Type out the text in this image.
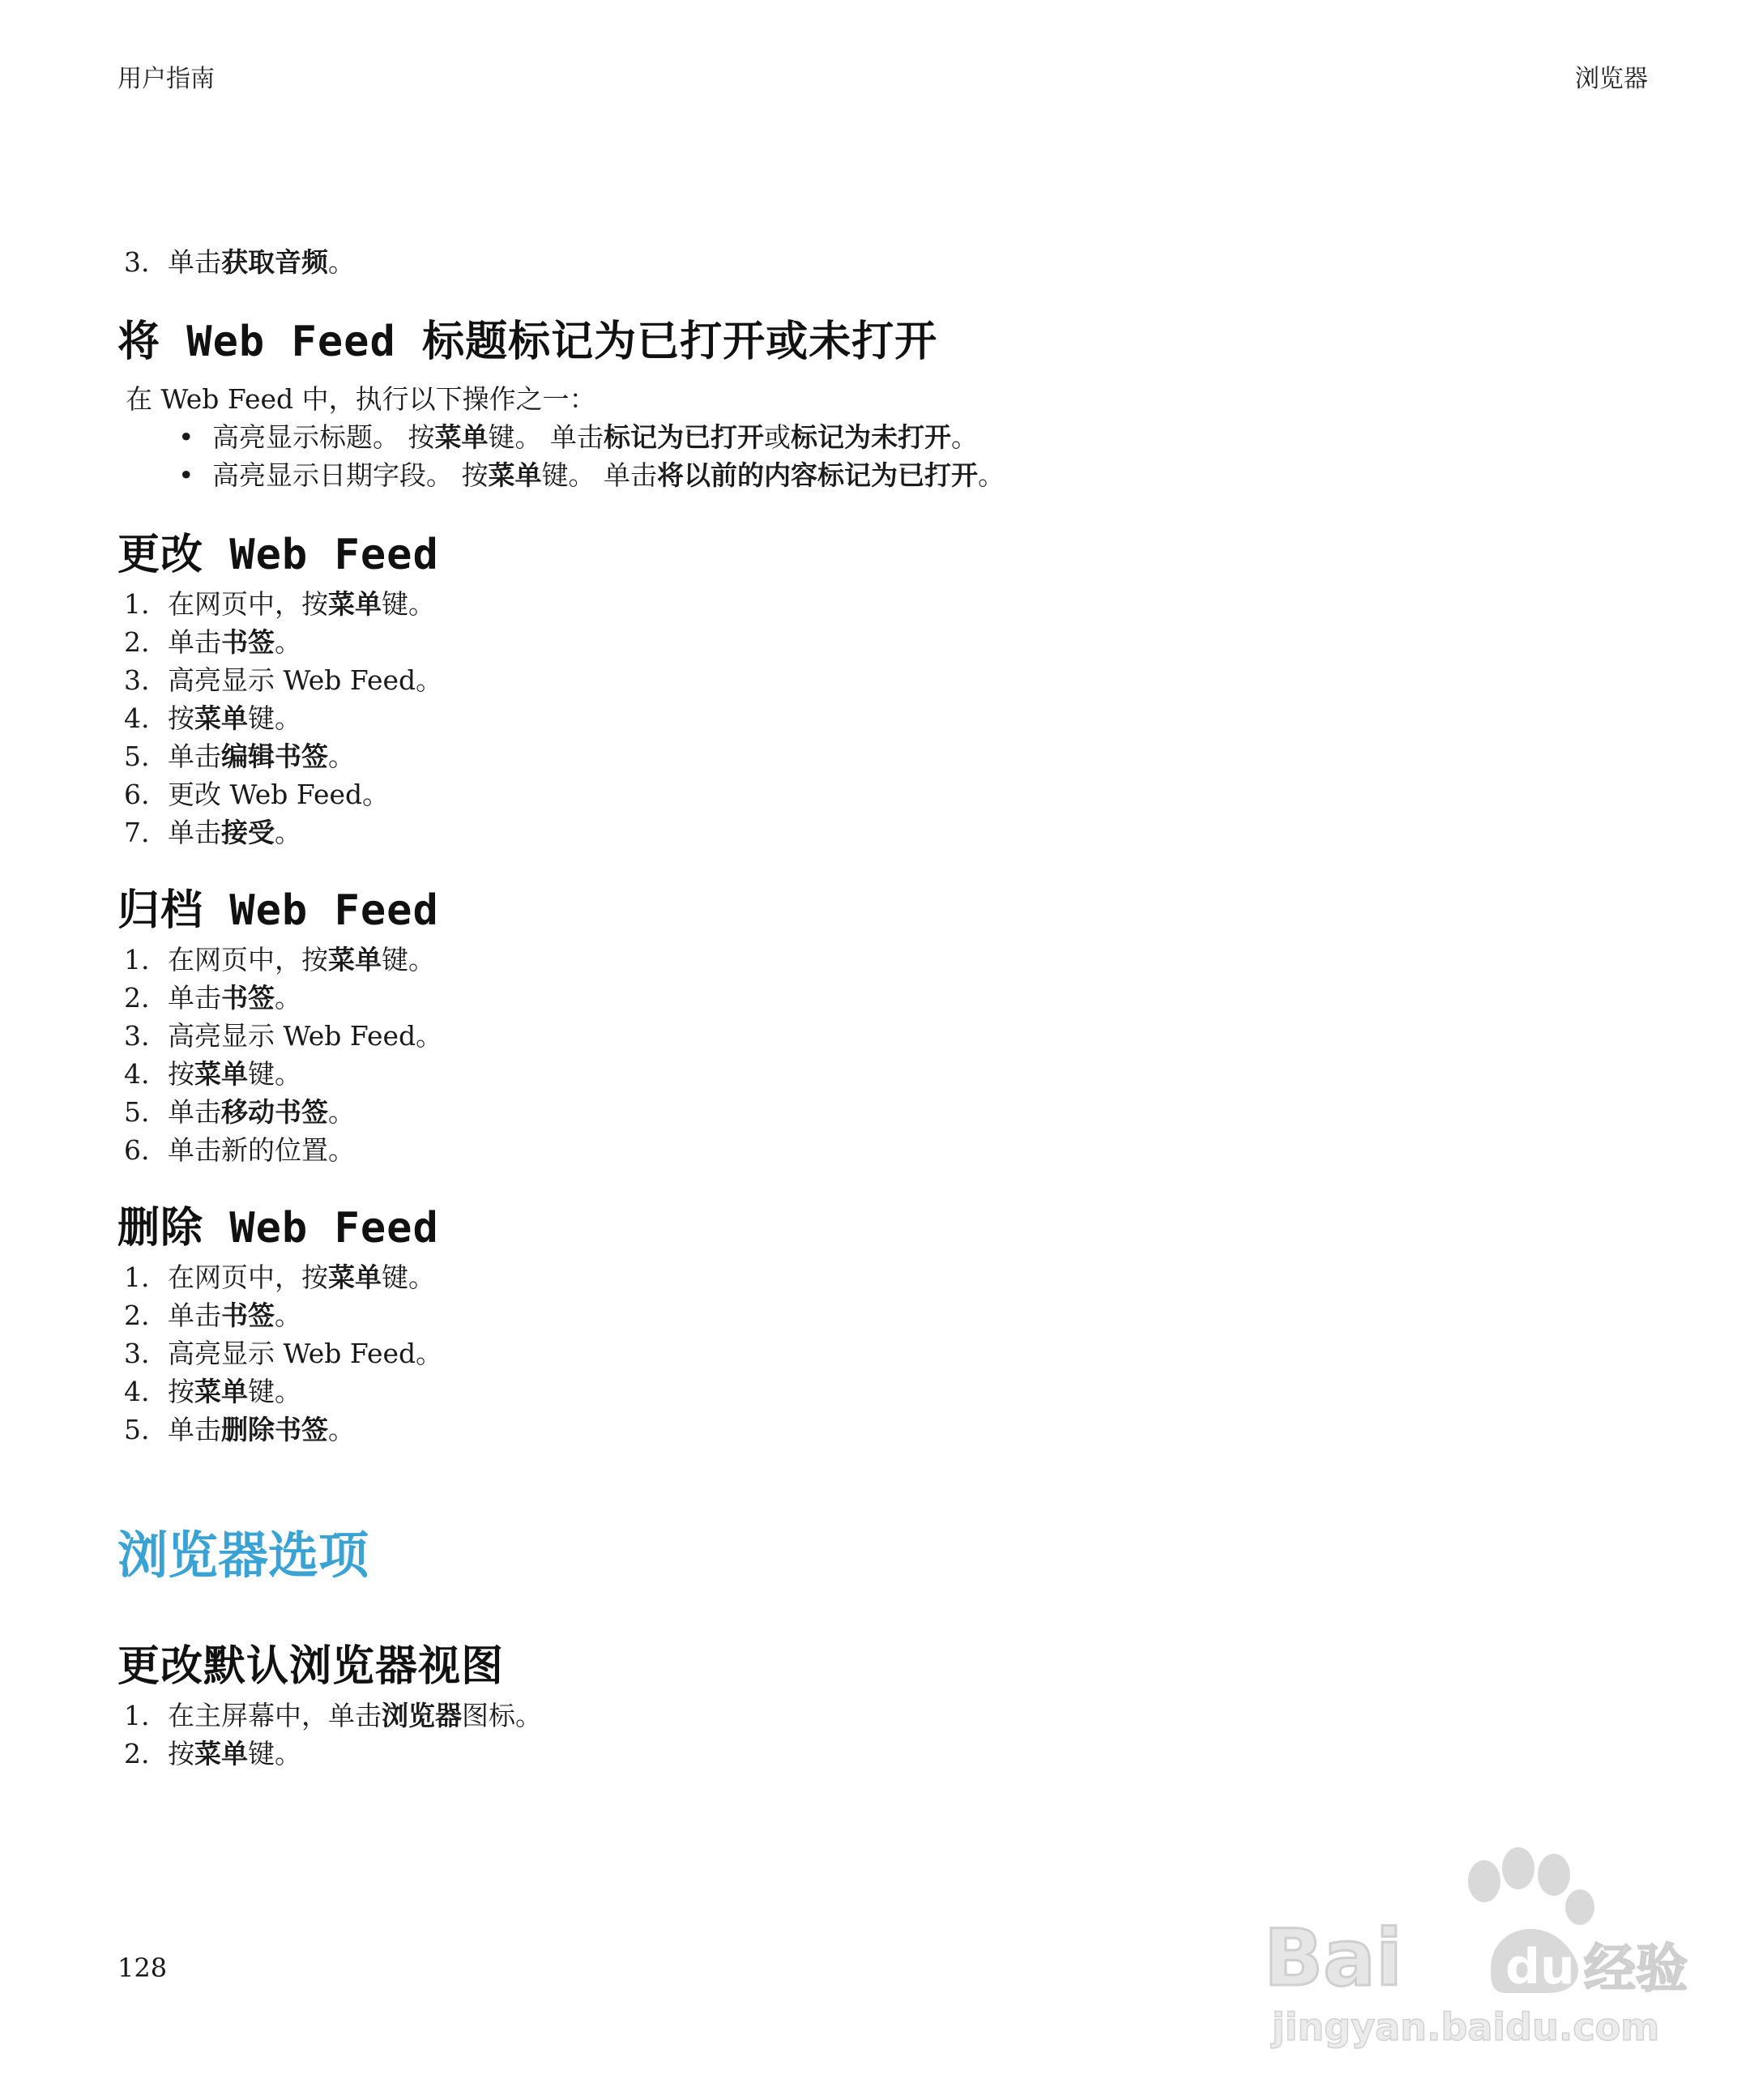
用户指南	浏览器
3. 单击获取音频。
将 Web Feed 标题标记为已打开或未打开
在 Web Feed 中，执行以下操作之一：
• 高亮显示标题。 按菜单键。 单击标记为已打开或标记为未打开。
• 高亮显示日期字段。 按菜单键。 单击将以前的内容标记为已打开。
更改 Web Feed
1. 在网页中，按菜单键。
2. 单击书签。
3. 高亮显示 Web Feed。
4. 按菜单键。
5. 单击编辑书签。
6. 更改 Web Feed。
7. 单击接受。
归档 Web Feed
1. 在网页中，按菜单键。
2. 单击书签。
3. 高亮显示 Web Feed。
4. 按菜单键。
5. 单击移动书签。
6. 单击新的位置。
删除 Web Feed
1. 在网页中，按菜单键。
2. 单击书签。
3. 高亮显示 Web Feed。
4. 按菜单键。
5. 单击删除书签。
浏览器选项
更改默认浏览器视图
1. 在主屏幕中，单击浏览器图标。
2. 按菜单键。
128	Bai du 经验
jingyan.baidu.com
